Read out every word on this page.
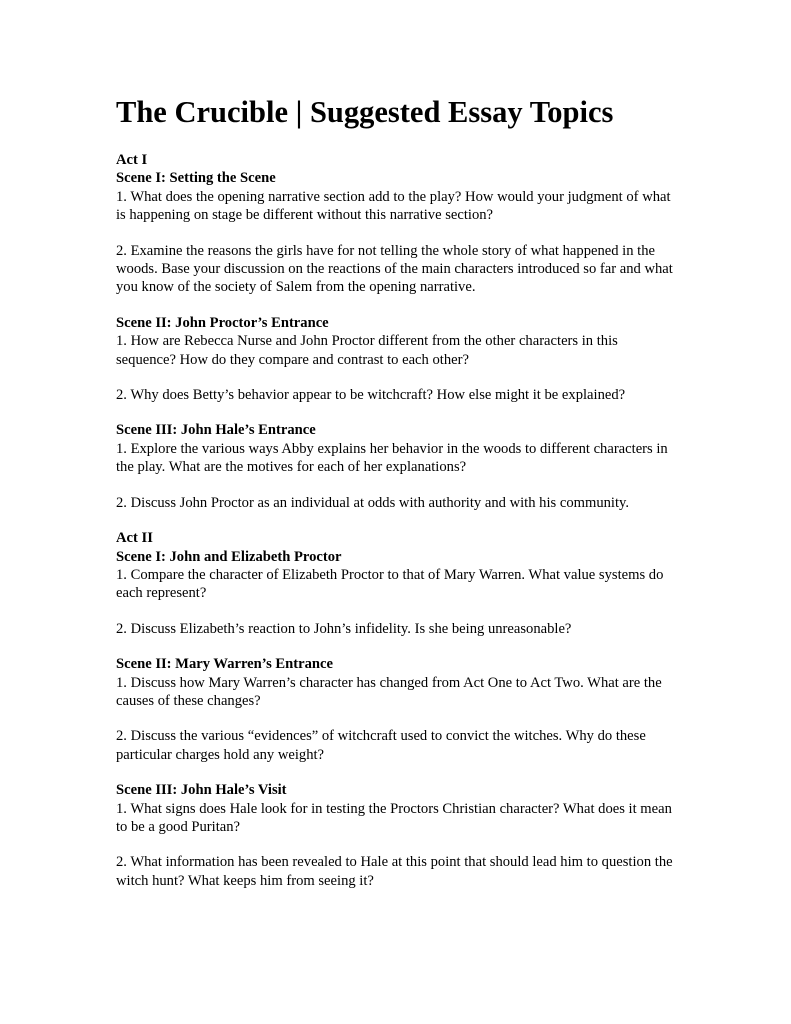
The Crucible | Suggested Essay Topics
Act I
Scene I: Setting the Scene
1. What does the opening narrative section add to the play? How would your judgment of what is happening on stage be different without this narrative section?
2. Examine the reasons the girls have for not telling the whole story of what happened in the woods. Base your discussion on the reactions of the main characters introduced so far and what you know of the society of Salem from the opening narrative.
Scene II: John Proctor’s Entrance
1. How are Rebecca Nurse and John Proctor different from the other characters in this sequence? How do they compare and contrast to each other?
2. Why does Betty’s behavior appear to be witchcraft? How else might it be explained?
Scene III: John Hale’s Entrance
1. Explore the various ways Abby explains her behavior in the woods to different characters in the play. What are the motives for each of her explanations?
2. Discuss John Proctor as an individual at odds with authority and with his community.
Act II
Scene I: John and Elizabeth Proctor
1. Compare the character of Elizabeth Proctor to that of Mary Warren. What value systems do each represent?
2. Discuss Elizabeth’s reaction to John’s infidelity. Is she being unreasonable?
Scene II: Mary Warren’s Entrance
1. Discuss how Mary Warren’s character has changed from Act One to Act Two. What are the causes of these changes?
2. Discuss the various “evidences” of witchcraft used to convict the witches. Why do these particular charges hold any weight?
Scene III: John Hale’s Visit
1. What signs does Hale look for in testing the Proctors Christian character? What does it mean to be a good Puritan?
2. What information has been revealed to Hale at this point that should lead him to question the witch hunt? What keeps him from seeing it?
